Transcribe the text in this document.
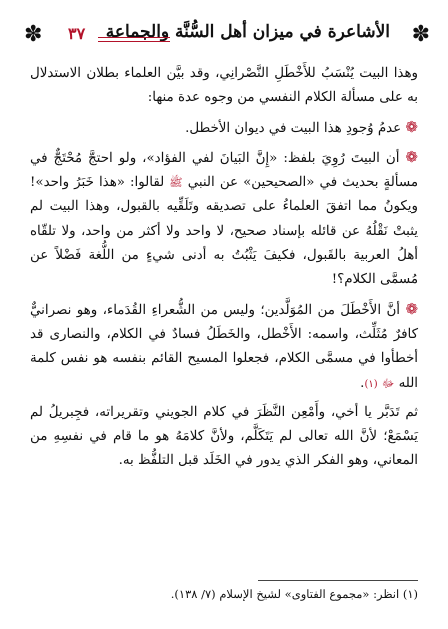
✽
الأشاعرة في ميزان أهل السُّنَّة والجماعة
٣٧
✽

وهذا البيت يُنْسَبُ للأَخْطَلِ النَّصْرانِي، وقد بيَّن العلماء بطلان الاستدلال به على مسألة الكلام النفسي من وجوه عدة منها:

❁ عدمُ وُجودِ هذا البيت في ديوان الأخطل.

❁ أن البيتَ رُوِيَ بلفظ: «إِنَّ البَيانَ لفي الفؤاد»، ولو احتجَّ مُحْتَجٌّ في مسألةٍ بحديث في «الصحيحين» عن النبي ﷺ لقالوا: «هذا خَبَرُ واحد»! ويكونُ مما اتفقَ العلماءُ على تصديقه وتَلَقِّيه بالقبول، وهذا البيت لم يثبتْ نَقْلُهُ عن قائله بإسناد صحيح، لا واحد ولا أكثر من واحد، ولا تلقّاه أهلُ العربية بالقَبول، فكيفَ يَثْبُتُ به أدنى شيءٍ من اللُّغة فَضْلاً عن مُسمَّى الكلام؟!

❁ أنَّ الأَخْطَلَ من المُوَلَّدين؛ وليس من الشُّعراءِ القُدَماء، وهو نصرانيٌّ كافرٌ مُثَلِّث، واسمه: الأَخْطل، والخَطَلُ فسادٌ في الكلام، والنصارى قد أخطأوا في مسمَّى الكلام، فجعلوا المسيح القائم بنفسه هو نفس كلمة الله ﷻ (١).

ثم تَدَبَّر يا أخي، وأَمْعِن النَّظَرَ في كلام الجويني وتقريراته، فجِبريلُ لم يَسْمَعْ؛ لأنَّ الله تعالى لم يَتَكَلَّم، ولأنَّ كلامَهُ هو ما قام في نفسِهِ من المعاني، وهو الفكر الذي يدور في الخَلَد قبل التلفُّظ به.

(١) انظر: «مجموع الفتاوى» لشيخ الإسلام (٧/ ١٣٨).
